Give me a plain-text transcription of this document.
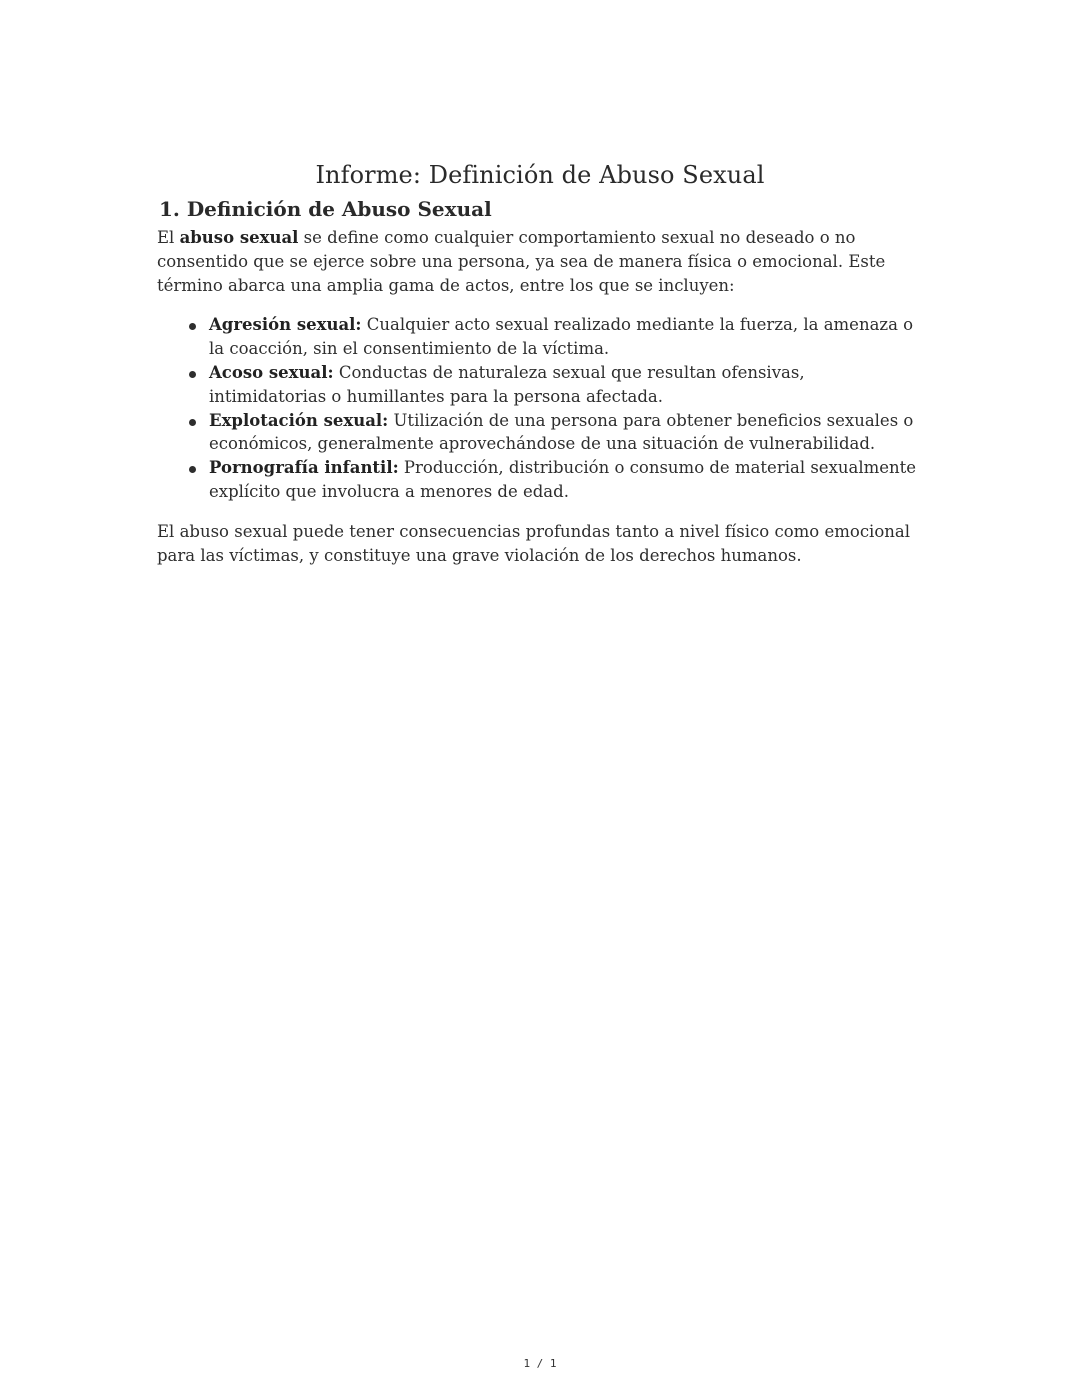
Informe: Definición de Abuso Sexual
1. Definición de Abuso Sexual

El abuso sexual se define como cualquier comportamiento sexual no deseado o no consentido que se ejerce sobre una persona, ya sea de manera física o emocional. Este término abarca una amplia gama de actos, entre los que se incluyen:

Agresión sexual: Cualquier acto sexual realizado mediante la fuerza, la amenaza o la coacción, sin el consentimiento de la víctima.
Acoso sexual: Conductas de naturaleza sexual que resultan ofensivas, intimidatorias o humillantes para la persona afectada.
Explotación sexual: Utilización de una persona para obtener beneficios sexuales o económicos, generalmente aprovechándose de una situación de vulnerabilidad.
Pornografía infantil: Producción, distribución o consumo de material sexualmente explícito que involucra a menores de edad.

El abuso sexual puede tener consecuencias profundas tanto a nivel físico como emocional para las víctimas, y constituye una grave violación de los derechos humanos.

1 / 1
